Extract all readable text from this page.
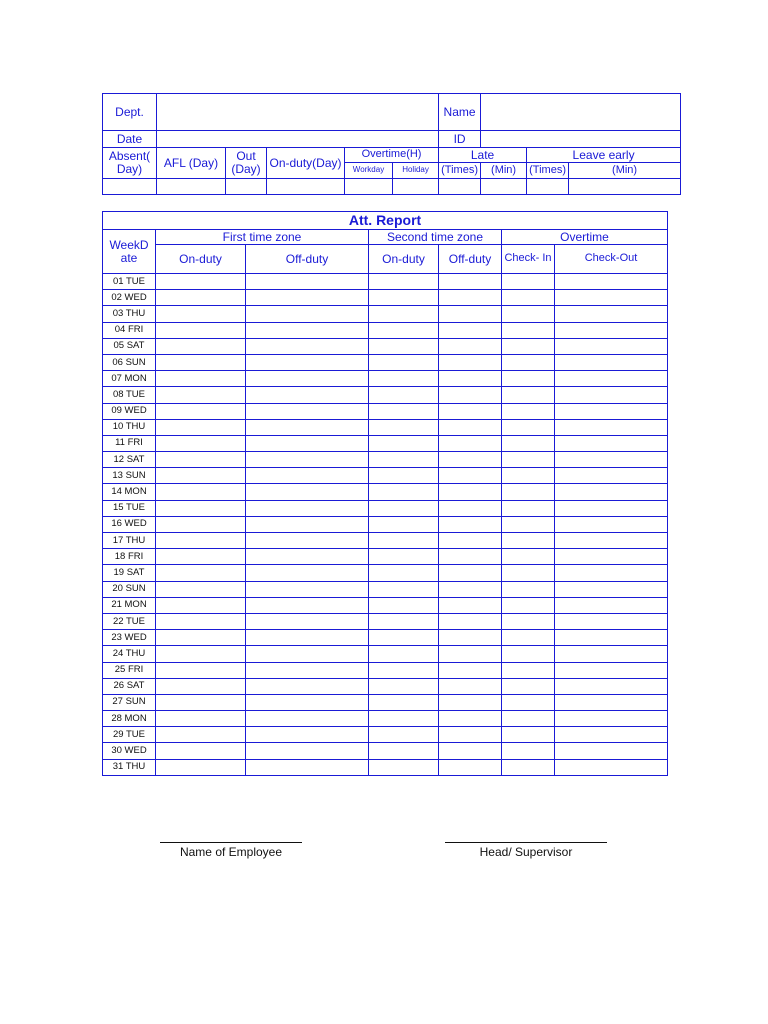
Dept.						Name			
Date						ID			
Absent( Day)	AFL (Day)	Out (Day)	On-duty(Day)	Overtime(H)		Late		Leave early	
				Workday	Holiday	(Times)	(Min)	(Times)	(Min)

Att. Report						
WeekD ate	First time zone		Second time zone		Overtime	
	On-duty	Off-duty	On-duty	Off-duty	Check- In	Check-Out
01 TUE						
02 WED						
03 THU						
04 FRI						
05 SAT						
06 SUN						
07 MON						
08 TUE						
09 WED						
10 THU						
11 FRI						
12 SAT						
13 SUN						
14 MON						
15 TUE						
16 WED						
17 THU						
18 FRI						
19 SAT						
20 SUN						
21 MON						
22 TUE						
23 WED						
24 THU						
25 FRI						
26 SAT						
27 SUN						
28 MON						
29 TUE						
30 WED						
31 THU						
Name of Employee	Head/ Supervisor
